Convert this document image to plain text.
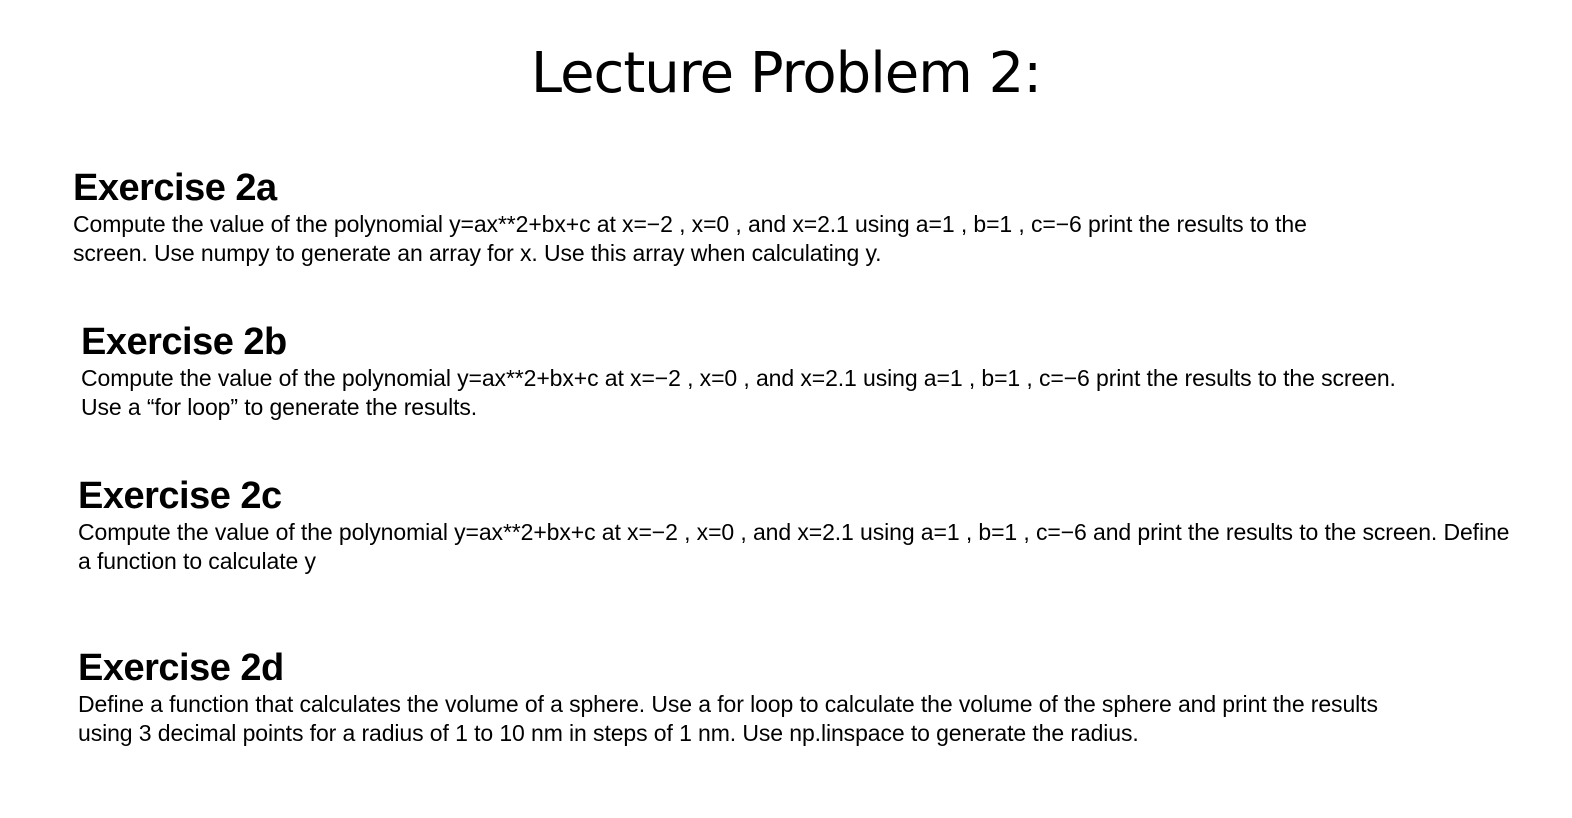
Lecture Problem 2:
Exercise 2a

Compute the value of the polynomial y=ax**2+bx+c at x=−2 , x=0 , and x=2.1 using a=1 , b=1 , c=−6 print the results to the screen. Use numpy to generate an array for x. Use this array when calculating y.

Exercise 2b

Compute the value of the polynomial y=ax**2+bx+c at x=−2 , x=0 , and x=2.1 using a=1 , b=1 , c=−6 print the results to the screen. Use a “for loop” to generate the results.

Exercise 2c

Compute the value of the polynomial y=ax**2+bx+c at x=−2 , x=0 , and x=2.1 using a=1 , b=1 , c=−6 and print the results to the screen. Define a function to calculate y

Exercise 2d

Define a function that calculates the volume of a sphere. Use a for loop to calculate the volume of the sphere and print the results using 3 decimal points for a radius of 1 to 10 nm in steps of 1 nm. Use np.linspace to generate the radius.
